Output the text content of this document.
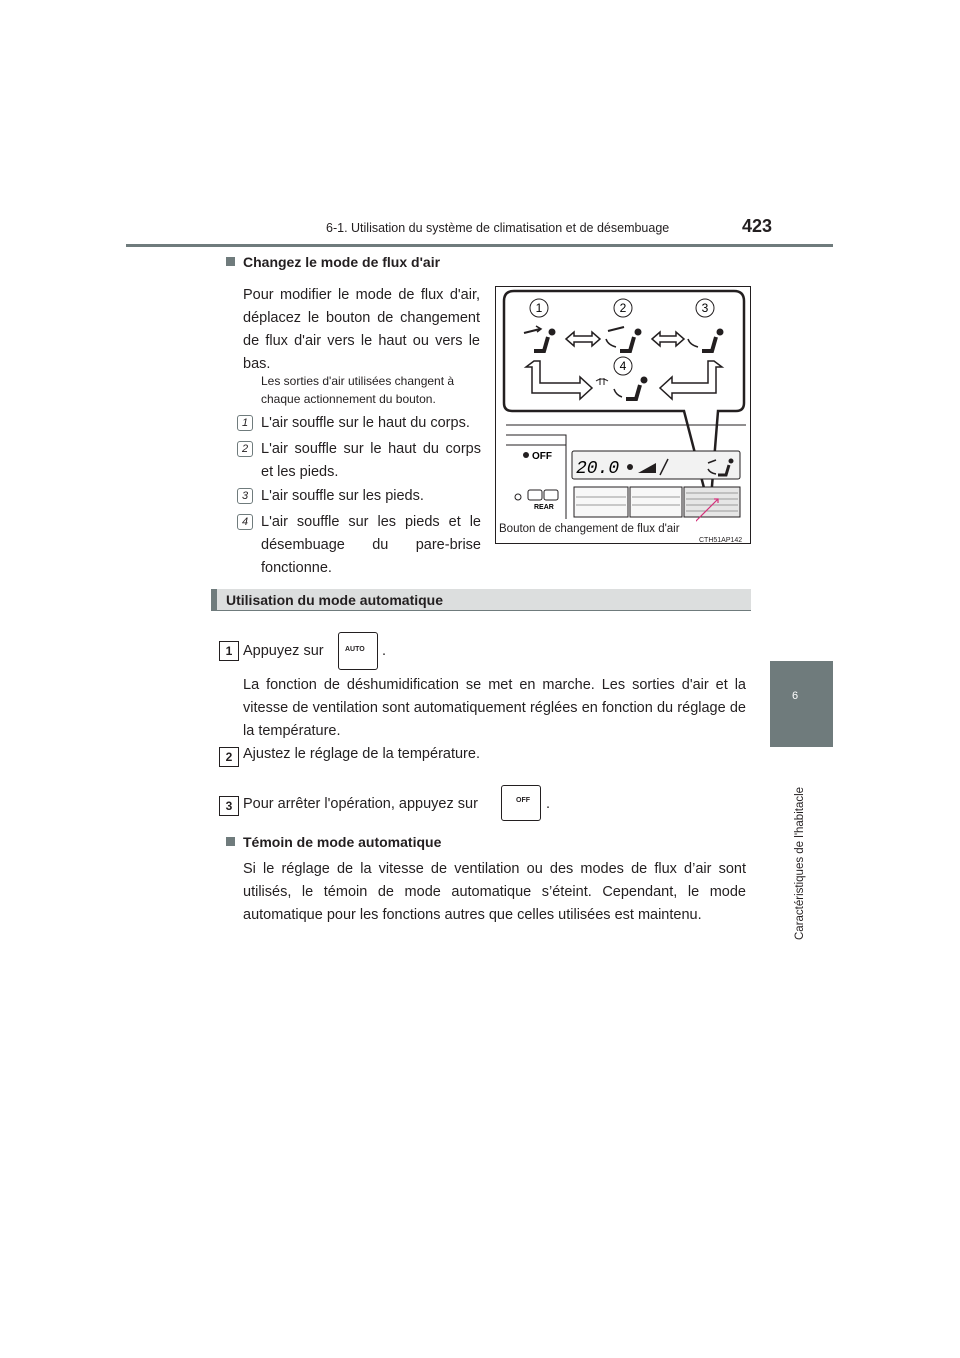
6-1. Utilisation du système de climatisation et de désembuage	423
6
Caractéristiques de l'habitacle
Changez le mode de flux d'air
Pour modifier le mode de flux d'air, déplacez le bouton de changement de flux d'air vers le haut ou vers le bas.
Les sorties d'air utilisées changent à chaque actionnement du bouton.
1 L'air souffle sur le haut du corps.
2 L'air souffle sur le haut du corps et les pieds.
3 L'air souffle sur les pieds.
4 L'air souffle sur les pieds et le désembuage du pare-brise fonctionne.
1	2	3
4
OFF
REAR
20.0
Bouton de changement de flux d'air
CTH51AP142
Utilisation du mode automatique
1 Appuyez sur	AUTO .
La fonction de déshumidification se met en marche. Les sorties d'air et la vitesse de ventilation sont automatiquement réglées en fonction du réglage de la température.
2 Ajustez le réglage de la température.
3 Pour arrêter l'opération, appuyez sur	OFF .
Témoin de mode automatique
Si le réglage de la vitesse de ventilation ou des modes de flux d’air sont utilisés, le témoin de mode automatique s’éteint. Cependant, le mode automatique pour les fonctions autres que celles utilisées est maintenu.
